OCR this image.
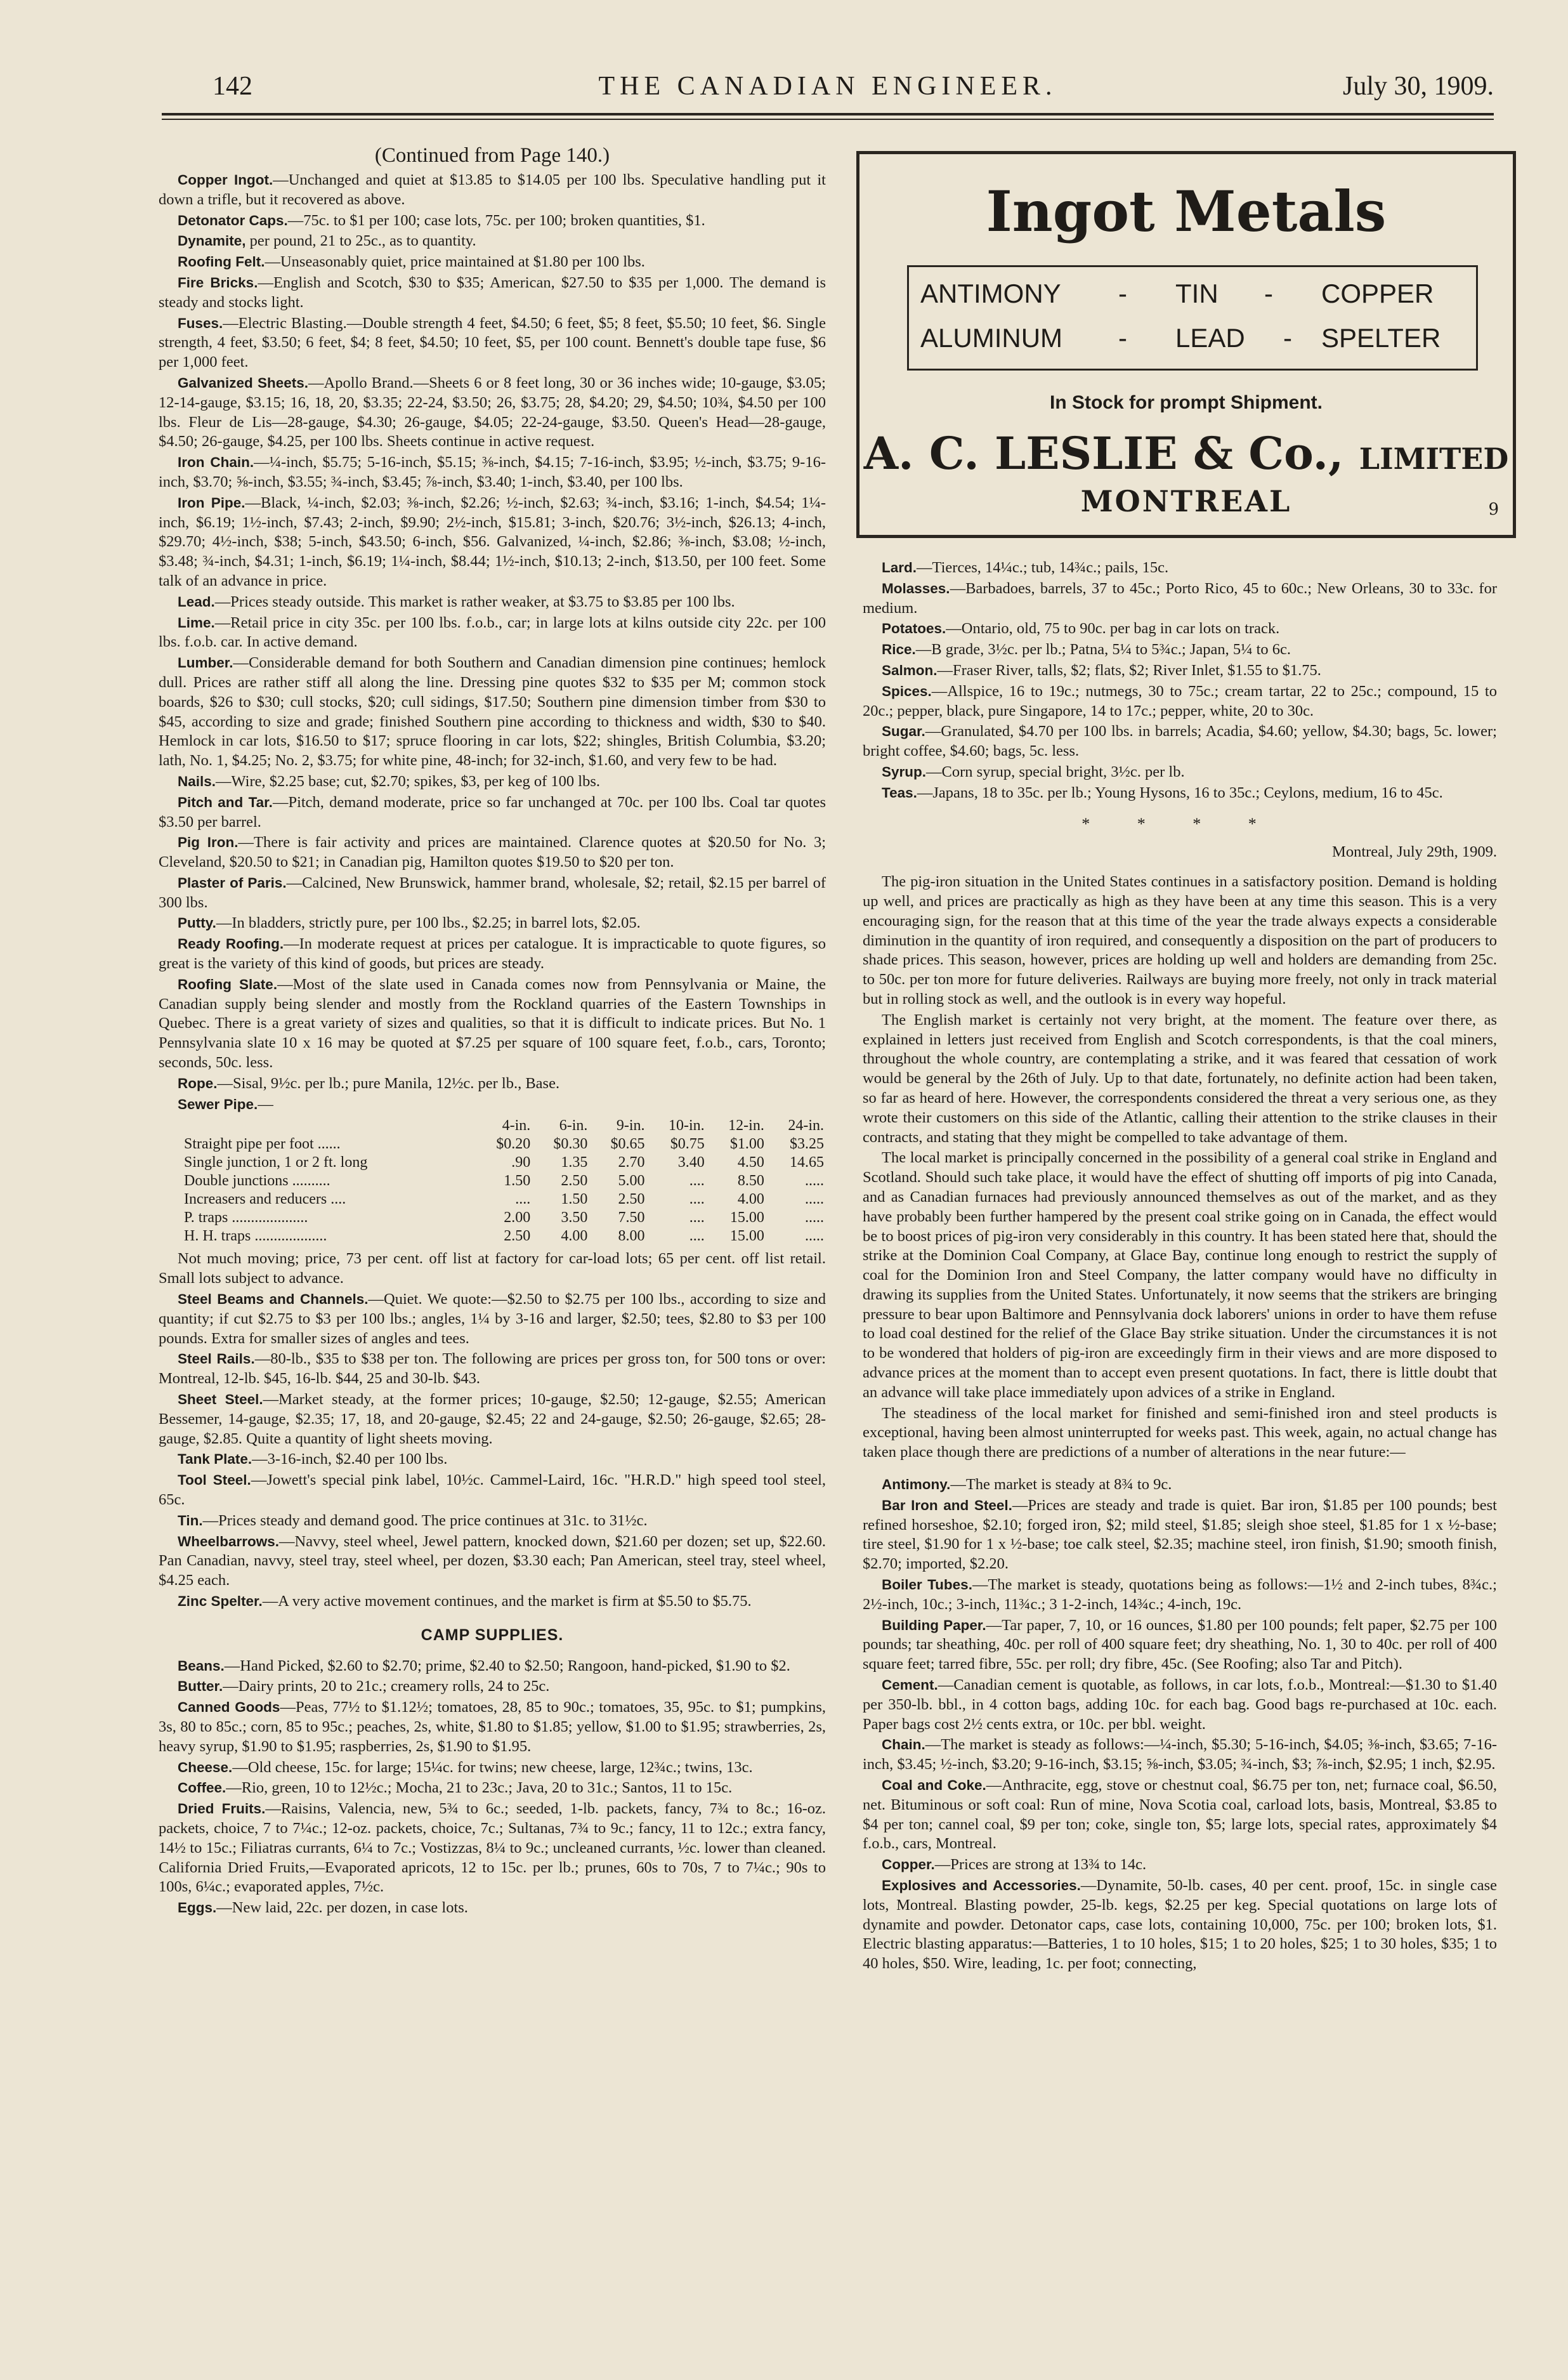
142	THE CANADIAN ENGINEER.	July 30, 1909.
(Continued from Page 140.)

Copper Ingot.—Unchanged and quiet at $13.85 to $14.05 per 100 lbs. Speculative handling put it down a trifle, but it recovered as above.

Detonator Caps.—75c. to $1 per 100; case lots, 75c. per 100; broken quantities, $1.

Dynamite, per pound, 21 to 25c., as to quantity.

Roofing Felt.—Unseasonably quiet, price maintained at $1.80 per 100 lbs.

Fire Bricks.—English and Scotch, $30 to $35; American, $27.50 to $35 per 1,000. The demand is steady and stocks light.

Fuses.—Electric Blasting.—Double strength 4 feet, $4.50; 6 feet, $5; 8 feet, $5.50; 10 feet, $6. Single strength, 4 feet, $3.50; 6 feet, $4; 8 feet, $4.50; 10 feet, $5, per 100 count. Bennett's double tape fuse, $6 per 1,000 feet.

Galvanized Sheets.—Apollo Brand.—Sheets 6 or 8 feet long, 30 or 36 inches wide; 10-gauge, $3.05; 12-14-gauge, $3.15; 16, 18, 20, $3.35; 22-24, $3.50; 26, $3.75; 28, $4.20; 29, $4.50; 10¾, $4.50 per 100 lbs. Fleur de Lis—28-gauge, $4.30; 26-gauge, $4.05; 22-24-gauge, $3.50. Queen's Head—28-gauge, $4.50; 26-gauge, $4.25, per 100 lbs. Sheets continue in active request.

Iron Chain.—¼-inch, $5.75; 5-16-inch, $5.15; ⅜-inch, $4.15; 7-16-inch, $3.95; ½-inch, $3.75; 9-16-inch, $3.70; ⅝-inch, $3.55; ¾-inch, $3.45; ⅞-inch, $3.40; 1-inch, $3.40, per 100 lbs.

Iron Pipe.—Black, ¼-inch, $2.03; ⅜-inch, $2.26; ½-inch, $2.63; ¾-inch, $3.16; 1-inch, $4.54; 1¼-inch, $6.19; 1½-inch, $7.43; 2-inch, $9.90; 2½-inch, $15.81; 3-inch, $20.76; 3½-inch, $26.13; 4-inch, $29.70; 4½-inch, $38; 5-inch, $43.50; 6-inch, $56. Galvanized, ¼-inch, $2.86; ⅜-inch, $3.08; ½-inch, $3.48; ¾-inch, $4.31; 1-inch, $6.19; 1¼-inch, $8.44; 1½-inch, $10.13; 2-inch, $13.50, per 100 feet. Some talk of an advance in price.

Lead.—Prices steady outside. This market is rather weaker, at $3.75 to $3.85 per 100 lbs.

Lime.—Retail price in city 35c. per 100 lbs. f.o.b., car; in large lots at kilns outside city 22c. per 100 lbs. f.o.b. car. In active demand.

Lumber.—Considerable demand for both Southern and Canadian dimension pine continues; hemlock dull. Prices are rather stiff all along the line. Dressing pine quotes $32 to $35 per M; common stock boards, $26 to $30; cull stocks, $20; cull sidings, $17.50; Southern pine dimension timber from $30 to $45, according to size and grade; finished Southern pine according to thickness and width, $30 to $40. Hemlock in car lots, $16.50 to $17; spruce flooring in car lots, $22; shingles, British Columbia, $3.20; lath, No. 1, $4.25; No. 2, $3.75; for white pine, 48-inch; for 32-inch, $1.60, and very few to be had.

Nails.—Wire, $2.25 base; cut, $2.70; spikes, $3, per keg of 100 lbs.

Pitch and Tar.—Pitch, demand moderate, price so far unchanged at 70c. per 100 lbs. Coal tar quotes $3.50 per barrel.

Pig Iron.—There is fair activity and prices are maintained. Clarence quotes at $20.50 for No. 3; Cleveland, $20.50 to $21; in Canadian pig, Hamilton quotes $19.50 to $20 per ton.

Plaster of Paris.—Calcined, New Brunswick, hammer brand, wholesale, $2; retail, $2.15 per barrel of 300 lbs.

Putty.—In bladders, strictly pure, per 100 lbs., $2.25; in barrel lots, $2.05.

Ready Roofing.—In moderate request at prices per catalogue. It is impracticable to quote figures, so great is the variety of this kind of goods, but prices are steady.

Roofing Slate.—Most of the slate used in Canada comes now from Pennsylvania or Maine, the Canadian supply being slender and mostly from the Rockland quarries of the Eastern Townships in Quebec. There is a great variety of sizes and qualities, so that it is difficult to indicate prices. But No. 1 Pennsylvania slate 10 x 16 may be quoted at $7.25 per square of 100 square feet, f.o.b., cars, Toronto; seconds, 50c. less.

Rope.—Sisal, 9½c. per lb.; pure Manila, 12½c. per lb., Base.

Sewer Pipe.—

	4-in.	6-in.	9-in.	10-in.	12-in.	24-in.
Straight pipe per foot ......	$0.20	$0.30	$0.65	$0.75	$1.00	$3.25
Single junction, 1 or 2 ft. long	.90	1.35	2.70	3.40	4.50	14.65
Double junctions ..........	1.50	2.50	5.00	....	8.50	.....
Increasers and reducers ....	....	1.50	2.50	....	4.00	.....
P. traps ....................	2.00	3.50	7.50	....	15.00	.....
H. H. traps ...................	2.50	4.00	8.00	....	15.00	.....

Not much moving; price, 73 per cent. off list at factory for car-load lots; 65 per cent. off list retail. Small lots subject to advance.

Steel Beams and Channels.—Quiet. We quote:—$2.50 to $2.75 per 100 lbs., according to size and quantity; if cut $2.75 to $3 per 100 lbs.; angles, 1¼ by 3-16 and larger, $2.50; tees, $2.80 to $3 per 100 pounds. Extra for smaller sizes of angles and tees.

Steel Rails.—80-lb., $35 to $38 per ton. The following are prices per gross ton, for 500 tons or over: Montreal, 12-lb. $45, 16-lb. $44, 25 and 30-lb. $43.

Sheet Steel.—Market steady, at the former prices; 10-gauge, $2.50; 12-gauge, $2.55; American Bessemer, 14-gauge, $2.35; 17, 18, and 20-gauge, $2.45; 22 and 24-gauge, $2.50; 26-gauge, $2.65; 28-gauge, $2.85. Quite a quantity of light sheets moving.

Tank Plate.—3-16-inch, $2.40 per 100 lbs.

Tool Steel.—Jowett's special pink label, 10½c. Cammel-Laird, 16c. "H.R.D." high speed tool steel, 65c.

Tin.—Prices steady and demand good. The price continues at 31c. to 31½c.

Wheelbarrows.—Navvy, steel wheel, Jewel pattern, knocked down, $21.60 per dozen; set up, $22.60. Pan Canadian, navvy, steel tray, steel wheel, per dozen, $3.30 each; Pan American, steel tray, steel wheel, $4.25 each.

Zinc Spelter.—A very active movement continues, and the market is firm at $5.50 to $5.75.

CAMP SUPPLIES.

Beans.—Hand Picked, $2.60 to $2.70; prime, $2.40 to $2.50; Rangoon, hand-picked, $1.90 to $2.

Butter.—Dairy prints, 20 to 21c.; creamery rolls, 24 to 25c.

Canned Goods—Peas, 77½ to $1.12½; tomatoes, 28, 85 to 90c.; tomatoes, 35, 95c. to $1; pumpkins, 3s, 80 to 85c.; corn, 85 to 95c.; peaches, 2s, white, $1.80 to $1.85; yellow, $1.00 to $1.95; strawberries, 2s, heavy syrup, $1.90 to $1.95; raspberries, 2s, $1.90 to $1.95.

Cheese.—Old cheese, 15c. for large; 15¼c. for twins; new cheese, large, 12¾c.; twins, 13c.

Coffee.—Rio, green, 10 to 12½c.; Mocha, 21 to 23c.; Java, 20 to 31c.; Santos, 11 to 15c.

Dried Fruits.—Raisins, Valencia, new, 5¾ to 6c.; seeded, 1-lb. packets, fancy, 7¾ to 8c.; 16-oz. packets, choice, 7 to 7¼c.; 12-oz. packets, choice, 7c.; Sultanas, 7¾ to 9c.; fancy, 11 to 12c.; extra fancy, 14½ to 15c.; Filiatras currants, 6¼ to 7c.; Vostizzas, 8¼ to 9c.; uncleaned currants, ½c. lower than cleaned. California Dried Fruits,—Evaporated apricots, 12 to 15c. per lb.; prunes, 60s to 70s, 7 to 7¼c.; 90s to 100s, 6¼c.; evaporated apples, 7½c.

Eggs.—New laid, 22c. per dozen, in case lots.

Ingot Metals
ANTIMONY - TIN - COPPER
ALUMINUM - LEAD - SPELTER
In Stock for prompt Shipment.
A. C. LESLIE & Co., LIMITED
MONTREAL	9

Lard.—Tierces, 14¼c.; tub, 14¾c.; pails, 15c.

Molasses.—Barbadoes, barrels, 37 to 45c.; Porto Rico, 45 to 60c.; New Orleans, 30 to 33c. for medium.

Potatoes.—Ontario, old, 75 to 90c. per bag in car lots on track.

Rice.—B grade, 3½c. per lb.; Patna, 5¼ to 5¾c.; Japan, 5¼ to 6c.

Salmon.—Fraser River, talls, $2; flats, $2; River Inlet, $1.55 to $1.75.

Spices.—Allspice, 16 to 19c.; nutmegs, 30 to 75c.; cream tartar, 22 to 25c.; compound, 15 to 20c.; pepper, black, pure Singapore, 14 to 17c.; pepper, white, 20 to 30c.

Sugar.—Granulated, $4.70 per 100 lbs. in barrels; Acadia, $4.60; yellow, $4.30; bags, 5c. lower; bright coffee, $4.60; bags, 5c. less.

Syrup.—Corn syrup, special bright, 3½c. per lb.

Teas.—Japans, 18 to 35c. per lb.; Young Hysons, 16 to 35c.; Ceylons, medium, 16 to 45c.

* * * *
Montreal, July 29th, 1909.

The pig-iron situation in the United States continues in a satisfactory position. Demand is holding up well, and prices are practically as high as they have been at any time this season. This is a very encouraging sign, for the reason that at this time of the year the trade always expects a considerable diminution in the quantity of iron required, and consequently a disposition on the part of producers to shade prices. This season, however, prices are holding up well and holders are demanding from 25c. to 50c. per ton more for future deliveries. Railways are buying more freely, not only in track material but in rolling stock as well, and the outlook is in every way hopeful.

The English market is certainly not very bright, at the moment. The feature over there, as explained in letters just received from English and Scotch correspondents, is that the coal miners, throughout the whole country, are contemplating a strike, and it was feared that cessation of work would be general by the 26th of July. Up to that date, fortunately, no definite action had been taken, so far as heard of here. However, the correspondents considered the threat a very serious one, as they wrote their customers on this side of the Atlantic, calling their attention to the strike clauses in their contracts, and stating that they might be compelled to take advantage of them.

The local market is principally concerned in the possibility of a general coal strike in England and Scotland. Should such take place, it would have the effect of shutting off imports of pig into Canada, and as Canadian furnaces had previously announced themselves as out of the market, and as they have probably been further hampered by the present coal strike going on in Canada, the effect would be to boost prices of pig-iron very considerably in this country. It has been stated here that, should the strike at the Dominion Coal Company, at Glace Bay, continue long enough to restrict the supply of coal for the Dominion Iron and Steel Company, the latter company would have no difficulty in drawing its supplies from the United States. Unfortunately, it now seems that the strikers are bringing pressure to bear upon Baltimore and Pennsylvania dock laborers' unions in order to have them refuse to load coal destined for the relief of the Glace Bay strike situation. Under the circumstances it is not to be wondered that holders of pig-iron are exceedingly firm in their views and are more disposed to advance prices at the moment than to accept even present quotations. In fact, there is little doubt that an advance will take place immediately upon advices of a strike in England.

The steadiness of the local market for finished and semi-finished iron and steel products is exceptional, having been almost uninterrupted for weeks past. This week, again, no actual change has taken place though there are predictions of a number of alterations in the near future:—

Antimony.—The market is steady at 8¾ to 9c.

Bar Iron and Steel.—Prices are steady and trade is quiet. Bar iron, $1.85 per 100 pounds; best refined horseshoe, $2.10; forged iron, $2; mild steel, $1.85; sleigh shoe steel, $1.85 for 1 x ½-base; tire steel, $1.90 for 1 x ½-base; toe calk steel, $2.35; machine steel, iron finish, $1.90; smooth finish, $2.70; imported, $2.20.

Boiler Tubes.—The market is steady, quotations being as follows:—1½ and 2-inch tubes, 8¾c.; 2½-inch, 10c.; 3-inch, 11¾c.; 3 1-2-inch, 14¾c.; 4-inch, 19c.

Building Paper.—Tar paper, 7, 10, or 16 ounces, $1.80 per 100 pounds; felt paper, $2.75 per 100 pounds; tar sheathing, 40c. per roll of 400 square feet; dry sheathing, No. 1, 30 to 40c. per roll of 400 square feet; tarred fibre, 55c. per roll; dry fibre, 45c. (See Roofing; also Tar and Pitch).

Cement.—Canadian cement is quotable, as follows, in car lots, f.o.b., Montreal:—$1.30 to $1.40 per 350-lb. bbl., in 4 cotton bags, adding 10c. for each bag. Good bags re-purchased at 10c. each. Paper bags cost 2½ cents extra, or 10c. per bbl. weight.

Chain.—The market is steady as follows:—¼-inch, $5.30; 5-16-inch, $4.05; ⅜-inch, $3.65; 7-16-inch, $3.45; ½-inch, $3.20; 9-16-inch, $3.15; ⅝-inch, $3.05; ¾-inch, $3; ⅞-inch, $2.95; 1 inch, $2.95.

Coal and Coke.—Anthracite, egg, stove or chestnut coal, $6.75 per ton, net; furnace coal, $6.50, net. Bituminous or soft coal: Run of mine, Nova Scotia coal, carload lots, basis, Montreal, $3.85 to $4 per ton; cannel coal, $9 per ton; coke, single ton, $5; large lots, special rates, approximately $4 f.o.b., cars, Montreal.

Copper.—Prices are strong at 13¾ to 14c.

Explosives and Accessories.—Dynamite, 50-lb. cases, 40 per cent. proof, 15c. in single case lots, Montreal. Blasting powder, 25-lb. kegs, $2.25 per keg. Special quotations on large lots of dynamite and powder. Detonator caps, case lots, containing 10,000, 75c. per 100; broken lots, $1. Electric blasting apparatus:—Batteries, 1 to 10 holes, $15; 1 to 20 holes, $25; 1 to 30 holes, $35; 1 to 40 holes, $50. Wire, leading, 1c. per foot; connecting,
